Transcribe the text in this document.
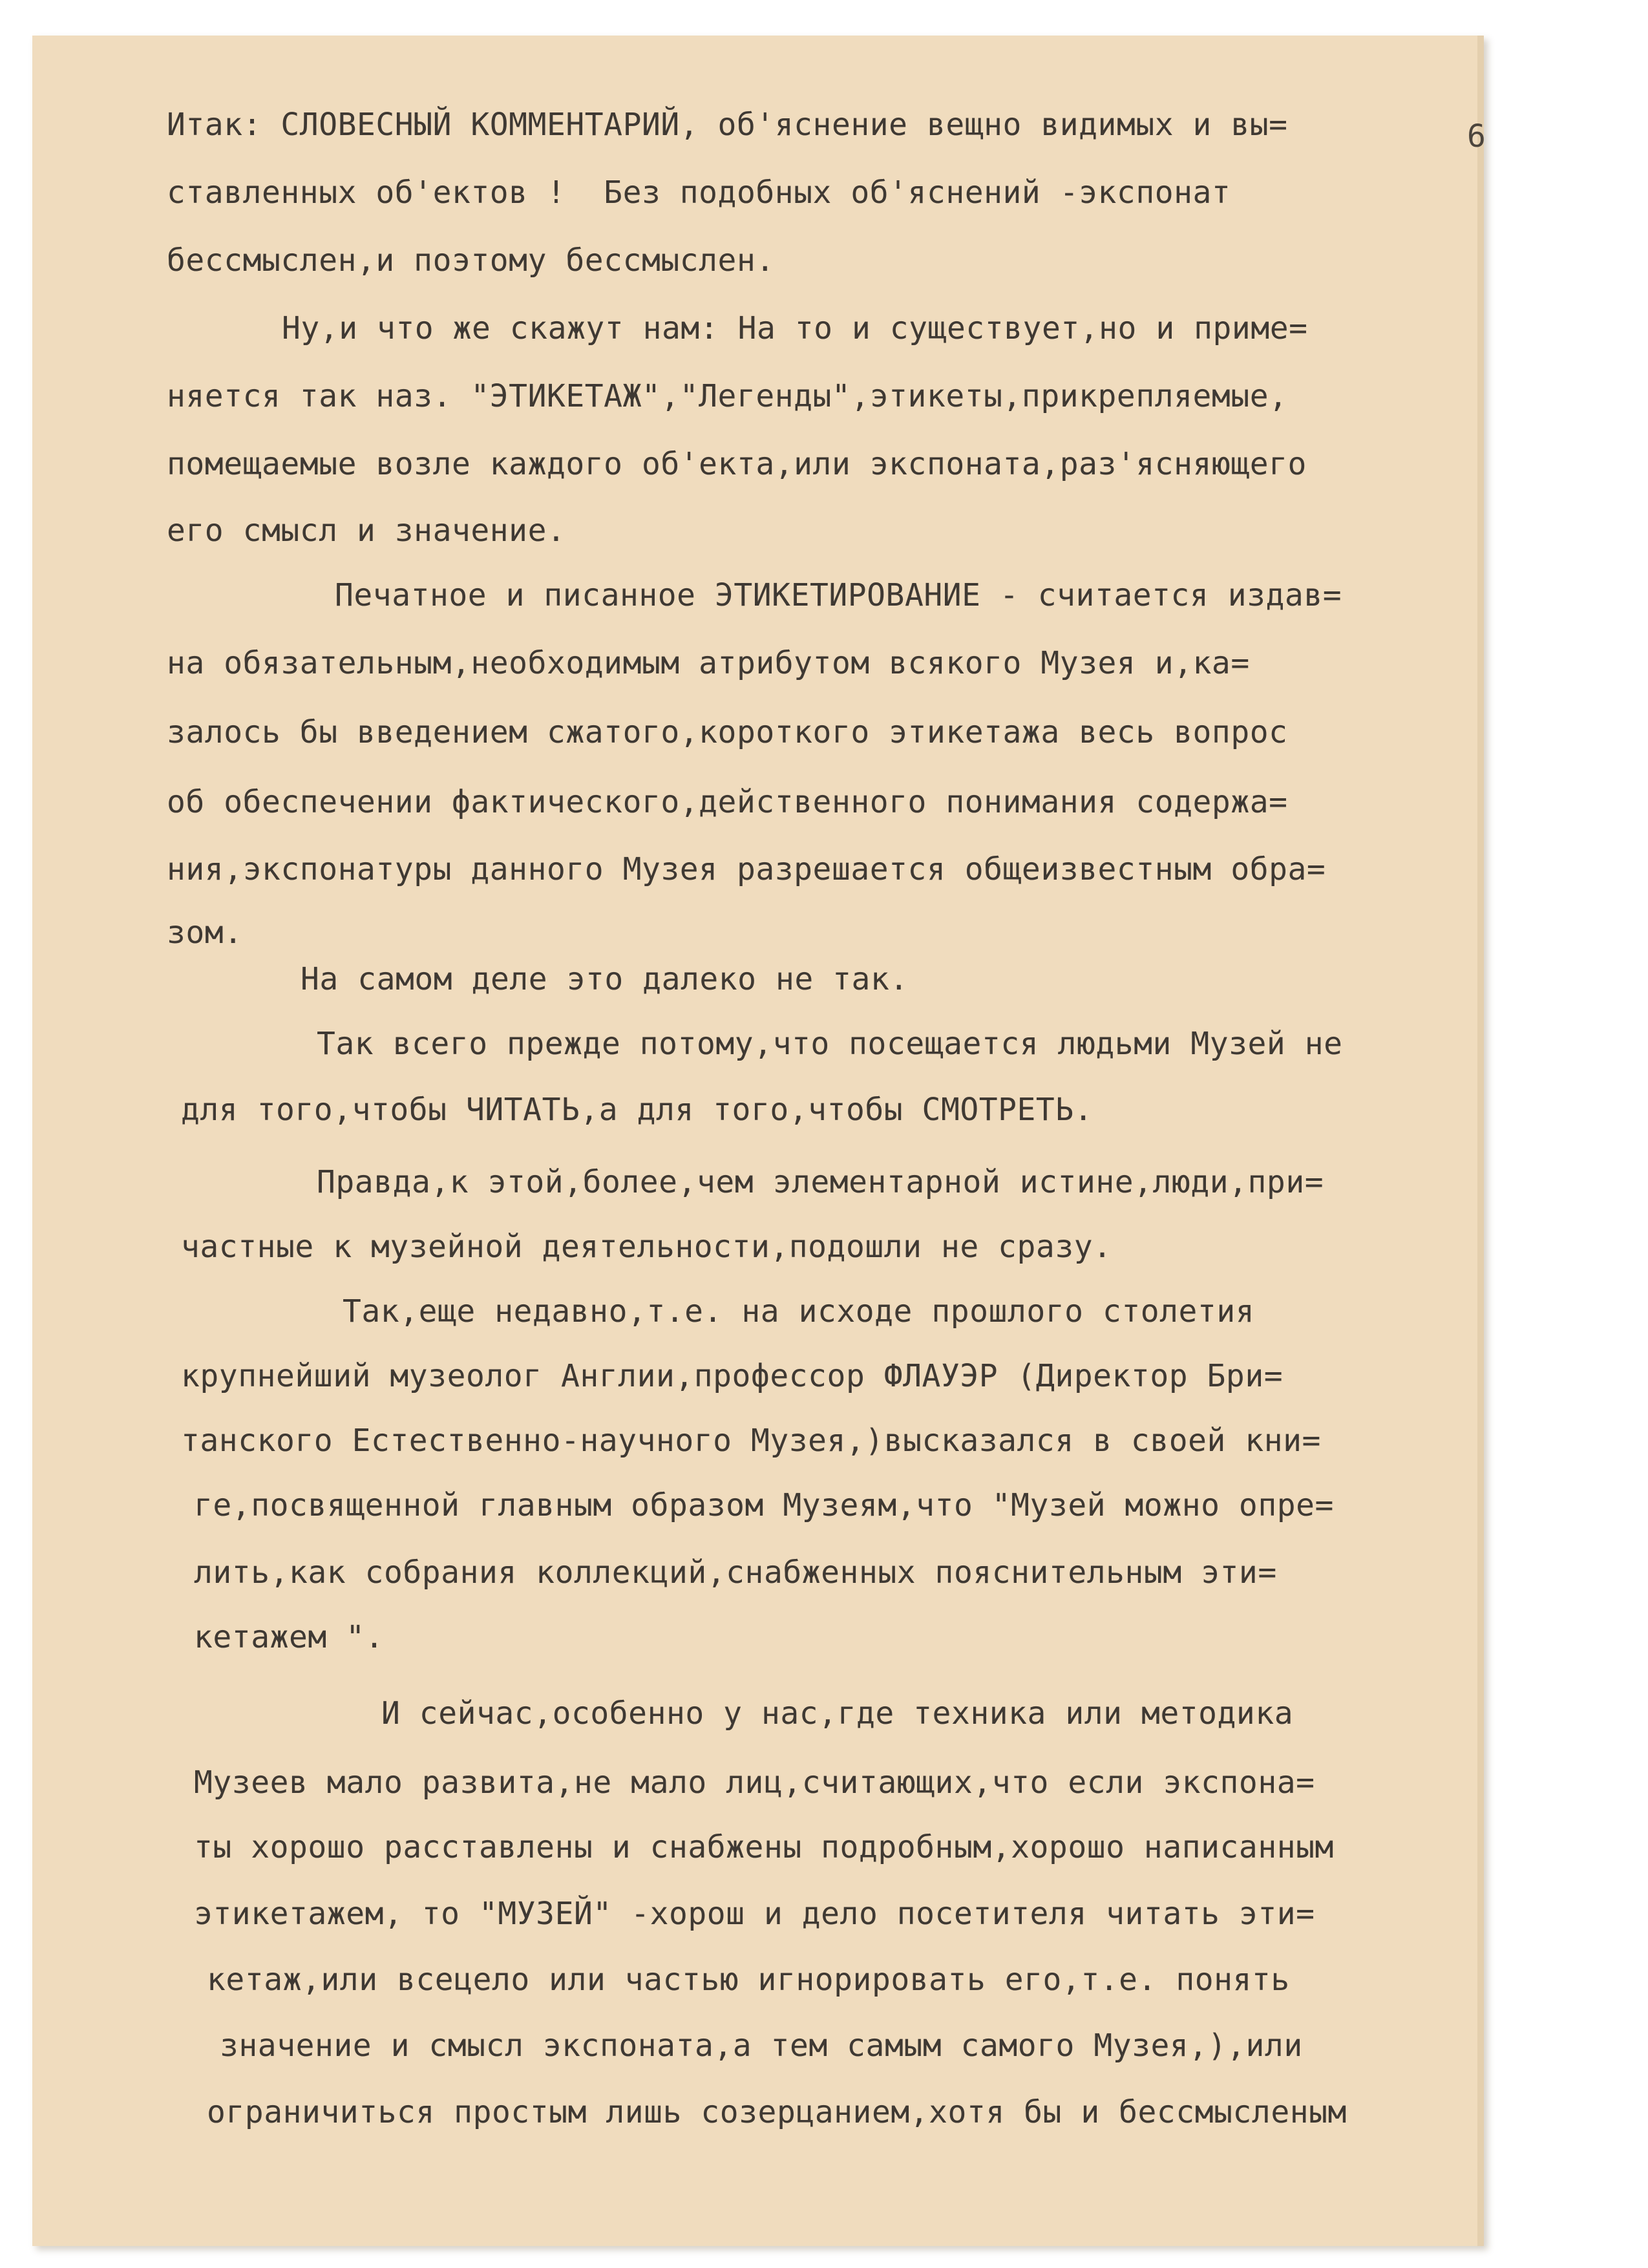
6
Итак: СЛОВЕСНЫЙ КОММЕНТАРИЙ, об'яснение вещно видимых и вы=
ставленных об'ектов !  Без подобных об'яснений -экспонат
бессмыслен,и поэтому бессмыслен.
Ну,и что же скажут нам: На то и существует,но и приме=
няется так наз. "ЭТИКЕТАЖ","Легенды",этикеты,прикрепляемые,
помещаемые возле каждого об'екта,или экспоната,раз'ясняющего
его смысл и значение.
Печатное и писанное ЭТИКЕТИРОВАНИЕ - считается издав=
на обязательным,необходимым атрибутом всякого Музея и,ка=
залось бы введением сжатого,короткого этикетажа весь вопрос
об обеспечении фактического,действенного понимания содержа=
ния,экспонатуры данного Музея разрешается общеизвестным обра=
зом.
На самом деле это далеко не так.
Так всего прежде потому,что посещается людьми Музей не
для того,чтобы ЧИТАТЬ,а для того,чтобы СМОТРЕТЬ.
Правда,к этой,более,чем элементарной истине,люди,при=
частные к музейной деятельности,подошли не сразу.
Так,еще недавно,т.е. на исходе прошлого столетия
крупнейший музеолог Англии,профессор ФЛАУЭР (Директор Бри=
танского Естественно-научного Музея,)высказался в своей кни=
ге,посвященной главным образом Музеям,что "Музей можно опре=
лить,как собрания коллекций,снабженных пояснительным эти=
кетажем ".
И сейчас,особенно у нас,где техника или методика
Музеев мало развита,не мало лиц,считающих,что если экспона=
ты хорошо расставлены и снабжены подробным,хорошо написанным
этикетажем, то "МУЗЕЙ" -хорош и дело посетителя читать эти=
кетаж,или всецело или частью игнорировать его,т.е. понять
значение и смысл экспоната,а тем самым самого Музея,),или
ограничиться простым лишь созерцанием,хотя бы и бессмысленым
